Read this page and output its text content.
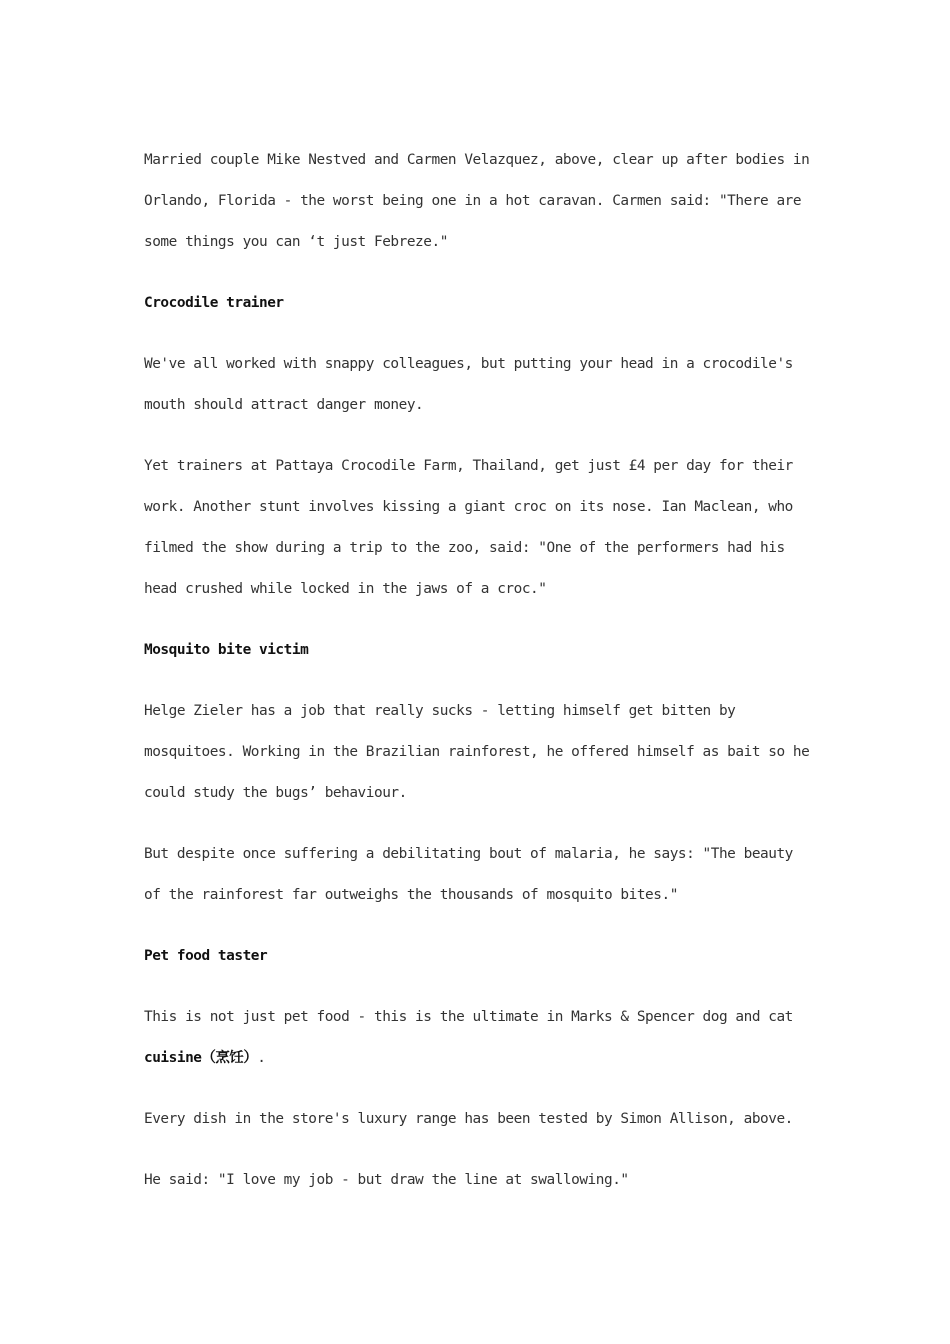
Married couple Mike Nestved and Carmen Velazquez, above, clear up after bodies in Orlando, Florida - the worst being one in a hot caravan. Carmen said: "There are some things you can ‘t just Febreze."

Crocodile trainer

We've all worked with snappy colleagues, but putting your head in a crocodile's mouth should attract danger money.

Yet trainers at Pattaya Crocodile Farm, Thailand, get just £4 per day for their work. Another stunt involves kissing a giant croc on its nose. Ian Maclean, who filmed the show during a trip to the zoo, said: "One of the performers had his head crushed while locked in the jaws of a croc."

Mosquito bite victim

Helge Zieler has a job that really sucks - letting himself get bitten by mosquitoes. Working in the Brazilian rainforest, he offered himself as bait so he could study the bugs’ behaviour.

But despite once suffering a debilitating bout of malaria, he says: "The beauty of the rainforest far outweighs the thousands of mosquito bites."

Pet food taster

This is not just pet food - this is the ultimate in Marks & Spencer dog and cat cuisine（烹饪）.

Every dish in the store's luxury range has been tested by Simon Allison, above.

He said: "I love my job - but draw the line at swallowing."
